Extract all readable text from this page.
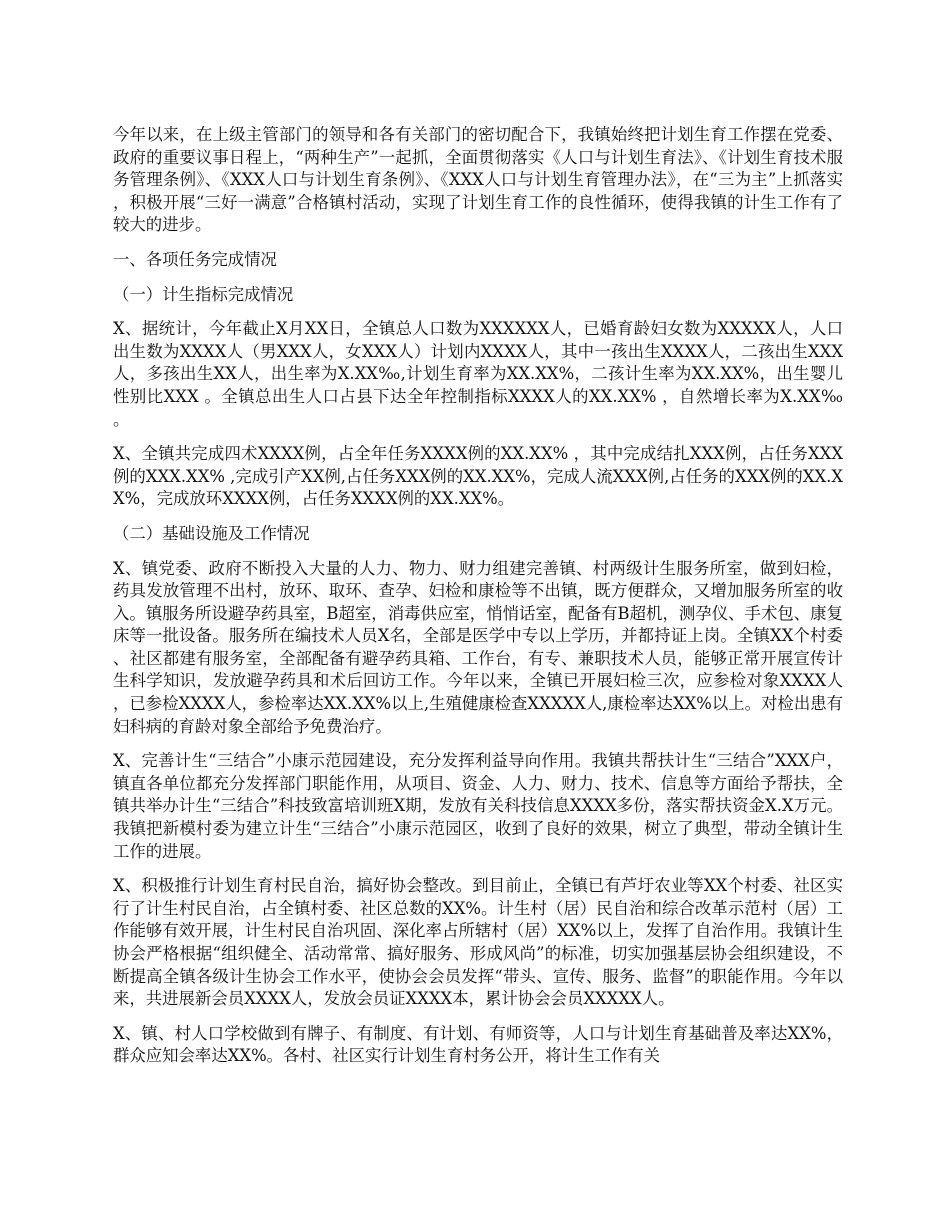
今年以来，在上级主管部门的领导和各有关部门的密切配合下，我镇始终把计划生育工作摆在党委、政府的重要议事日程上，“两种生产”一起抓，全面贯彻落实《人口与计划生育法》、《计划生育技术服务管理条例》、《XXX人口与计划生育条例》、《XXX人口与计划生育管理办法》，在“三为主”上抓落实，积极开展“三好一满意”合格镇村活动，实现了计划生育工作的良性循环，使得我镇的计生工作有了较大的进步。

一、各项任务完成情况

（一）计生指标完成情况

X、据统计，今年截止X月XX日，全镇总人口数为XXXXXX人，已婚育龄妇女数为XXXXX人，人口出生数为XXXX人（男XXX人，女XXX人）计划内XXXX人，其中一孩出生XXXX人，二孩出生XXX人，多孩出生XX人，出生率为X.XX‰,计划生育率为XX.XX%，二孩计生率为XX.XX%，出生婴儿性别比XXX 。全镇总出生人口占县下达全年控制指标XXXX人的XX.XX% ，自然增长率为X.XX‰ 。

X、全镇共完成四术XXXX例，占全年任务XXXX例的XX.XX% ，其中完成结扎XXX例，占任务XXX例的XXX.XX% ,完成引产XX例,占任务XXX例的XX.XX%，完成人流XXX例,占任务的XXX例的XX.XX%，完成放环XXXX例，占任务XXXX例的XX.XX%。

（二）基础设施及工作情况

X、镇党委、政府不断投入大量的人力、物力、财力组建完善镇、村两级计生服务所室，做到妇检，药具发放管理不出村，放环、取环、查孕、妇检和康检等不出镇，既方便群众，又增加服务所室的收入。镇服务所设避孕药具室，B超室，消毒供应室，悄悄话室，配备有B超机，测孕仪、手术包、康复床等一批设备。服务所在编技术人员X名，全部是医学中专以上学历，并都持证上岗。全镇XX个村委、社区都建有服务室，全部配备有避孕药具箱、工作台，有专、兼职技术人员，能够正常开展宣传计生科学知识，发放避孕药具和术后回访工作。今年以来，全镇已开展妇检三次，应参检对象XXXX人，已参检XXXX人，参检率达XX.XX%以上,生殖健康检查XXXXX人,康检率达XX%以上。对检出患有妇科病的育龄对象全部给予免费治疗。

X、完善计生“三结合”小康示范园建设，充分发挥利益导向作用。我镇共帮扶计生“三结合”XXX户，镇直各单位都充分发挥部门职能作用，从项目、资金、人力、财力、技术、信息等方面给予帮扶，全镇共举办计生“三结合”科技致富培训班X期，发放有关科技信息XXXX多份，落实帮扶资金X.X万元。我镇把新模村委为建立计生“三结合”小康示范园区，收到了良好的效果，树立了典型，带动全镇计生工作的进展。

X、积极推行计划生育村民自治，搞好协会整改。到目前止，全镇已有芦圩农业等XX个村委、社区实行了计生村民自治，占全镇村委、社区总数的XX%。计生村（居）民自治和综合改革示范村（居）工作能够有效开展，计生村民自治巩固、深化率占所辖村（居）XX%以上，发挥了自治作用。我镇计生协会严格根据“组织健全、活动常常、搞好服务、形成风尚”的标准，切实加强基层协会组织建设，不断提高全镇各级计生协会工作水平，使协会会员发挥“带头、宣传、服务、监督”的职能作用。今年以来，共进展新会员XXXX人，发放会员证XXXX本，累计协会会员XXXXX人。

X、镇、村人口学校做到有牌子、有制度、有计划、有师资等，人口与计划生育基础普及率达XX%，群众应知会率达XX%。各村、社区实行计划生育村务公开，将计生工作有关
